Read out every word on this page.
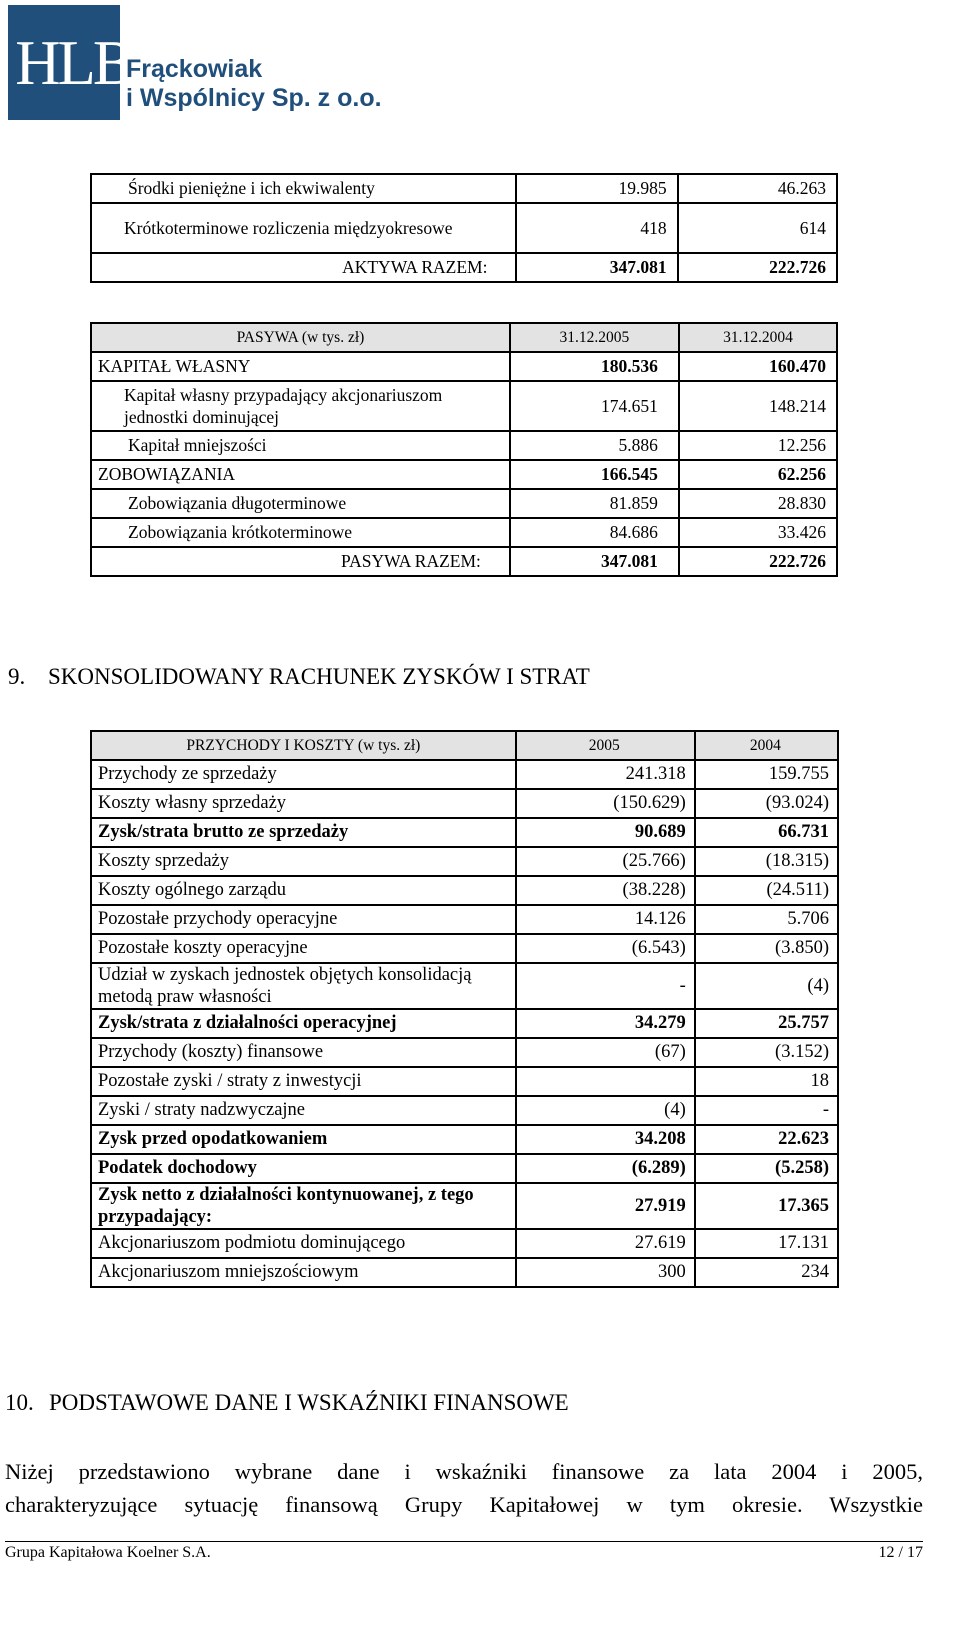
HLB
Frąckowiak
i Wspólnicy Sp. z o.o.
Środki pieniężne i ich ekwiwalenty	19.985	46.263
Krótkoterminowe rozliczenia międzyokresowe	418	614
AKTYWA RAZEM:	347.081	222.726
PASYWA (w tys. zł)	31.12.2005	31.12.2004
KAPITAŁ WŁASNY	180.536	160.470
Kapitał własny przypadający akcjonariuszom jednostki dominującej	174.651	148.214
Kapitał mniejszości	5.886	12.256
ZOBOWIĄZANIA	166.545	62.256
Zobowiązania długoterminowe	81.859	28.830
Zobowiązania krótkoterminowe	84.686	33.426
PASYWA RAZEM:	347.081	222.726
9. SKONSOLIDOWANY RACHUNEK ZYSKÓW I STRAT
PRZYCHODY I KOSZTY (w tys. zł)	2005	2004
Przychody ze sprzedaży	241.318	159.755
Koszty własny sprzedaży	(150.629)	(93.024)
Zysk/strata brutto ze sprzedaży	90.689	66.731
Koszty sprzedaży	(25.766)	(18.315)
Koszty ogólnego zarządu	(38.228)	(24.511)
Pozostałe przychody operacyjne	14.126	5.706
Pozostałe koszty operacyjne	(6.543)	(3.850)
Udział w zyskach jednostek objętych konsolidacją metodą praw własności	-	(4)
Zysk/strata z działalności operacyjnej	34.279	25.757
Przychody (koszty) finansowe	(67)	(3.152)
Pozostałe zyski / straty z inwestycji		18
Zyski / straty nadzwyczajne	(4)	-
Zysk przed opodatkowaniem	34.208	22.623
Podatek dochodowy	(6.289)	(5.258)
Zysk netto z działalności kontynuowanej, z tego przypadający:	27.919	17.365
Akcjonariuszom podmiotu dominującego	27.619	17.131
Akcjonariuszom mniejszościowym	300	234
10. PODSTAWOWE DANE I WSKAŹNIKI FINANSOWE
Niżej przedstawiono wybrane dane i wskaźniki finansowe za lata 2004 i 2005,
charakteryzujące sytuację finansową Grupy Kapitałowej w tym okresie. Wszystkie
Grupa Kapitałowa Koelner S.A.	12 / 17
